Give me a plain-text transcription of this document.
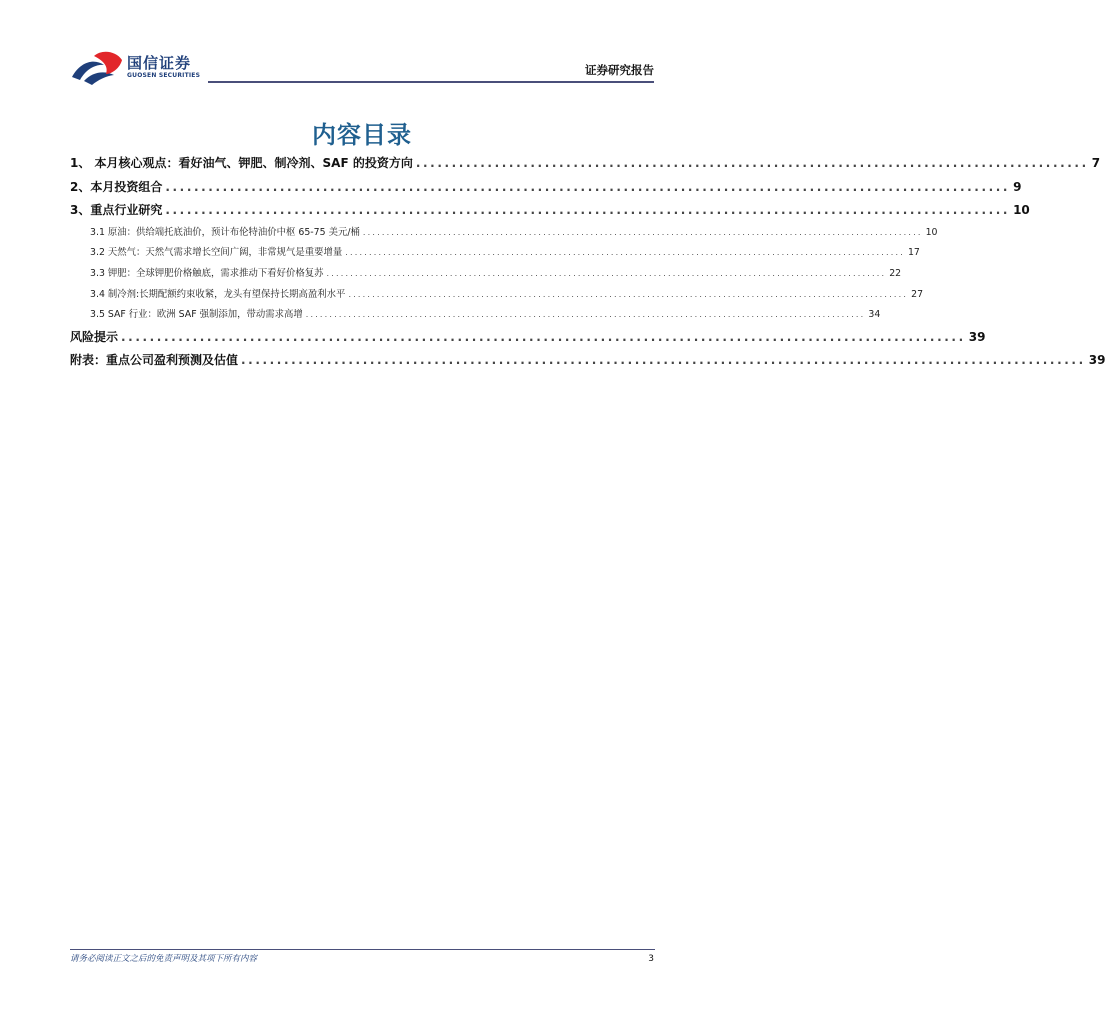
国信证券
GUOSEN SECURITIES	证券研究报告
内容目录
1、 本月核心观点：看好油气、钾肥、制冷剂、SAF 的投资方向 .............................................................................................. 7
2、本月投资组合 ...................................................................................................................... 9
3、重点行业研究 ...................................................................................................................... 10
3.1 原油：供给端托底油价，预计布伦特油价中枢 65-75 美元/桶 ...................................................................................................................... 10
3.2 天然气：天然气需求增长空间广阔，非常规气是重要增量 ...................................................................................................................... 17
3.3 钾肥：全球钾肥价格触底，需求推动下看好价格复苏 ...................................................................................................................... 22
3.4 制冷剂:长期配额约束收紧，龙头有望保持长期高盈利水平 ...................................................................................................................... 27
3.5 SAF 行业：欧洲 SAF 强制添加，带动需求高增 ...................................................................................................................... 34
风险提示 ...................................................................................................................... 39
附表：重点公司盈利预测及估值 ...................................................................................................................... 39
请务必阅读正文之后的免责声明及其项下所有内容	3
